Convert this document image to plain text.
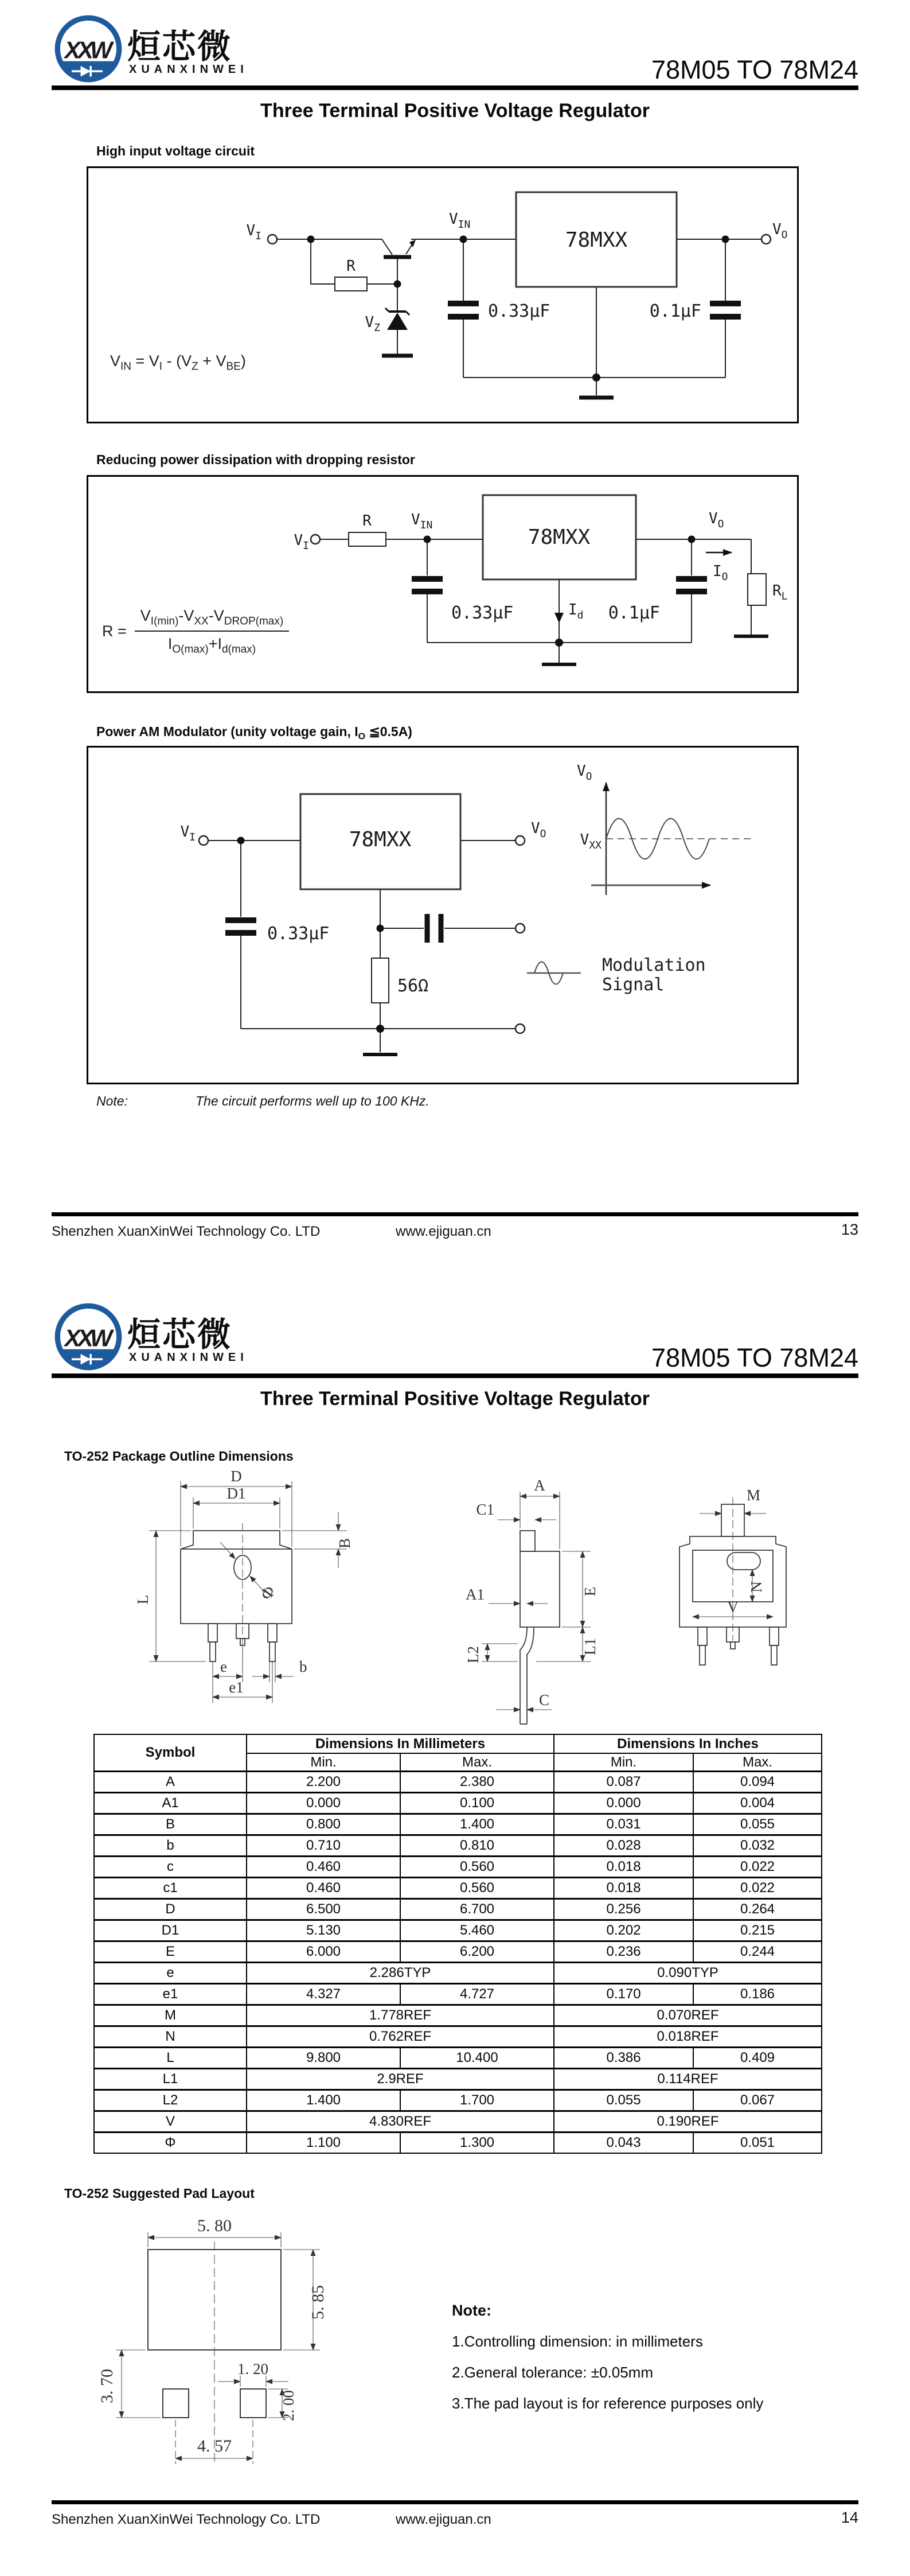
X
X
W 烜芯微
XUANXINWEI	78M05 TO 78M24
Three Terminal Positive Voltage Regulator
High input voltage circuit
78MXX
$V_I$
$V_{IN}$	$V_O$
R
$V_Z$
0.33μF	0.1μF
$V_{IN} = V_I - (V_Z + V_{BE})$
Reducing power dissipation with dropping resistor
78MXX
$V_I$
R	$V_{IN}$	$V_O$
$I_O$
$R_L$
$I_d$
0.33μF	0.1μF
$R = \frac{V_{I(min)}-V_{XX}-V_{DROP(max)}}{I_{O(max)}+I_{d(max)}}$
Power AM Modulator (unity voltage gain, $I_O$ ≦0.5A)
78MXX
$V_I$
$V_O$
$V_O$
$V_{XX}$
0.33μF
56Ω
Modulation
Signal
Note:	The circuit performs well up to 100 KHz.
Shenzhen XuanXinWei Technology Co. LTD	www.ejiguan.cn	13
X
X
W 烜芯微
XUANXINWEI	78M05 TO 78M24
Three Terminal Positive Voltage Regulator
TO-252 Package Outline Dimensions
D
D1
B
L	Φ
e	b
e1
A
C1
A1
L2
E
L1
C
M
N
V
Symbol	Dimensions In Millimeters		Dimensions In Inches	
	Min.	Max.	Min.	Max.
A	2.200	2.380	0.087	0.094
A1	0.000	0.100	0.000	0.004
B	0.800	1.400	0.031	0.055
b	0.710	0.810	0.028	0.032
c	0.460	0.560	0.018	0.022
c1	0.460	0.560	0.018	0.022
D	6.500	6.700	0.256	0.264
D1	5.130	5.460	0.202	0.215
E	6.000	6.200	0.236	0.244
e	2.286TYP		0.090TYP	
e1	4.327	4.727	0.170	0.186
M	1.778REF		0.070REF	
N	0.762REF		0.018REF	
L	9.800	10.400	0.386	0.409
L1	2.9REF		0.114REF	
L2	1.400	1.700	0.055	0.067
V	4.830REF		0.190REF	
Φ	1.100	1.300	0.043	0.051
TO-252 Suggested Pad Layout
5. 80
5. 85
3. 70	1. 20
2. 00
4. 57
Note:
1.Controlling dimension: in millimeters
2.General tolerance: ±0.05mm
3.The pad layout is for reference purposes only
Shenzhen XuanXinWei Technology Co. LTD	www.ejiguan.cn	14
